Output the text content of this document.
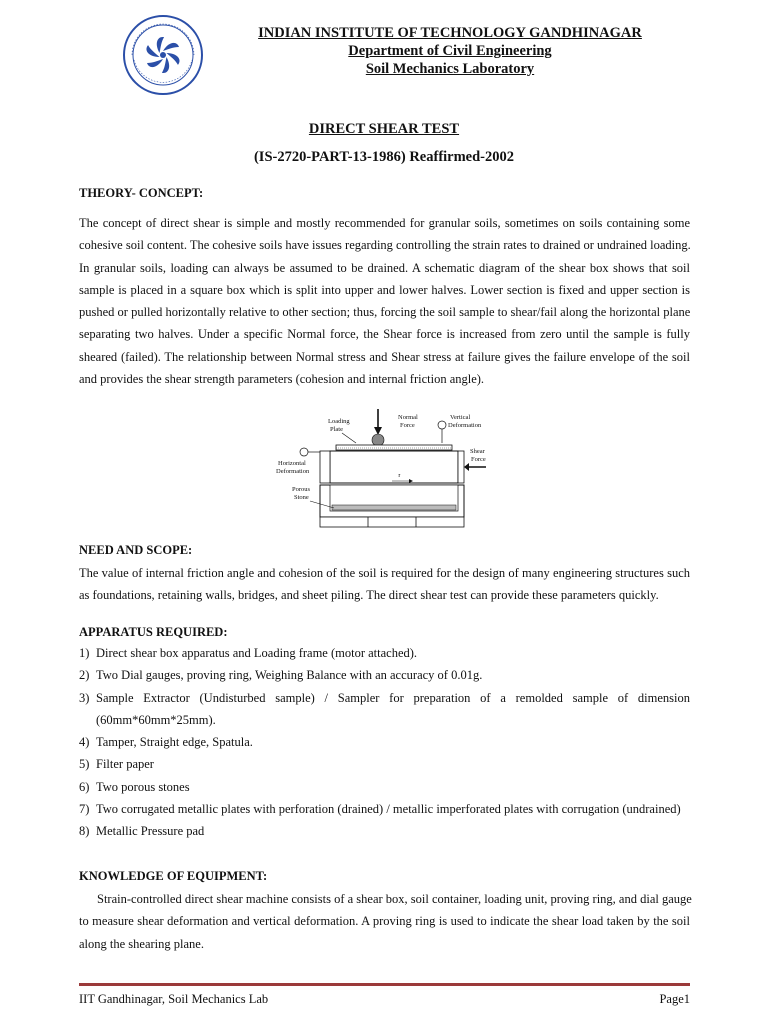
INDIAN INSTITUTE OF TECHNOLOGY GANDHINAGAR
Department of Civil Engineering
Soil Mechanics Laboratory
DIRECT SHEAR TEST
(IS-2720-PART-13-1986) Reaffirmed-2002
THEORY- CONCEPT:
The concept of direct shear is simple and mostly recommended for granular soils, sometimes on soils containing some
cohesive soil content. The cohesive soils have issues regarding controlling the strain rates to drained or undrained loading.
In granular soils, loading can always be assumed to be drained. A schematic diagram of the shear box shows that soil
sample is placed in a square box which is split into upper and lower halves. Lower section is fixed and upper section is
pushed or pulled horizontally relative to other section; thus, forcing the soil sample to shear/fail along the horizontal plane
separating two halves. Under a specific Normal force, the Shear force is increased from zero until the sample is fully
sheared (failed). The relationship between Normal stress and Shear stress at failure gives the failure envelope of the soil
and provides the shear strength parameters (cohesion and internal friction angle).
Loading
Plate
Normal
Force
Vertical
Deformation
Shear
Force
Horizontal
Deformation
τ
Porous
Stone
NEED AND SCOPE:
The value of internal friction angle and cohesion of the soil is required for the design of many engineering structures such
as foundations, retaining walls, bridges, and sheet piling. The direct shear test can provide these parameters quickly.
APPARATUS REQUIRED:
1) Direct shear box apparatus and Loading frame (motor attached).
2) Two Dial gauges, proving ring, Weighing Balance with an accuracy of 0.01g.
3) Sample Extractor (Undisturbed sample) / Sampler for preparation of a remolded sample of dimension
(60mm*60mm*25mm).
4) Tamper, Straight edge, Spatula.
5) Filter paper
6) Two porous stones
7) Two corrugated metallic plates with perforation (drained) / metallic imperforated plates with corrugation (undrained)
8) Metallic Pressure pad
KNOWLEDGE OF EQUIPMENT:
Strain-controlled direct shear machine consists of a shear box, soil container, loading unit, proving ring, and dial gauge
to measure shear deformation and vertical deformation. A proving ring is used to indicate the shear load taken by the soil
along the shearing plane.
IIT Gandhinagar, Soil Mechanics Lab	Page1
